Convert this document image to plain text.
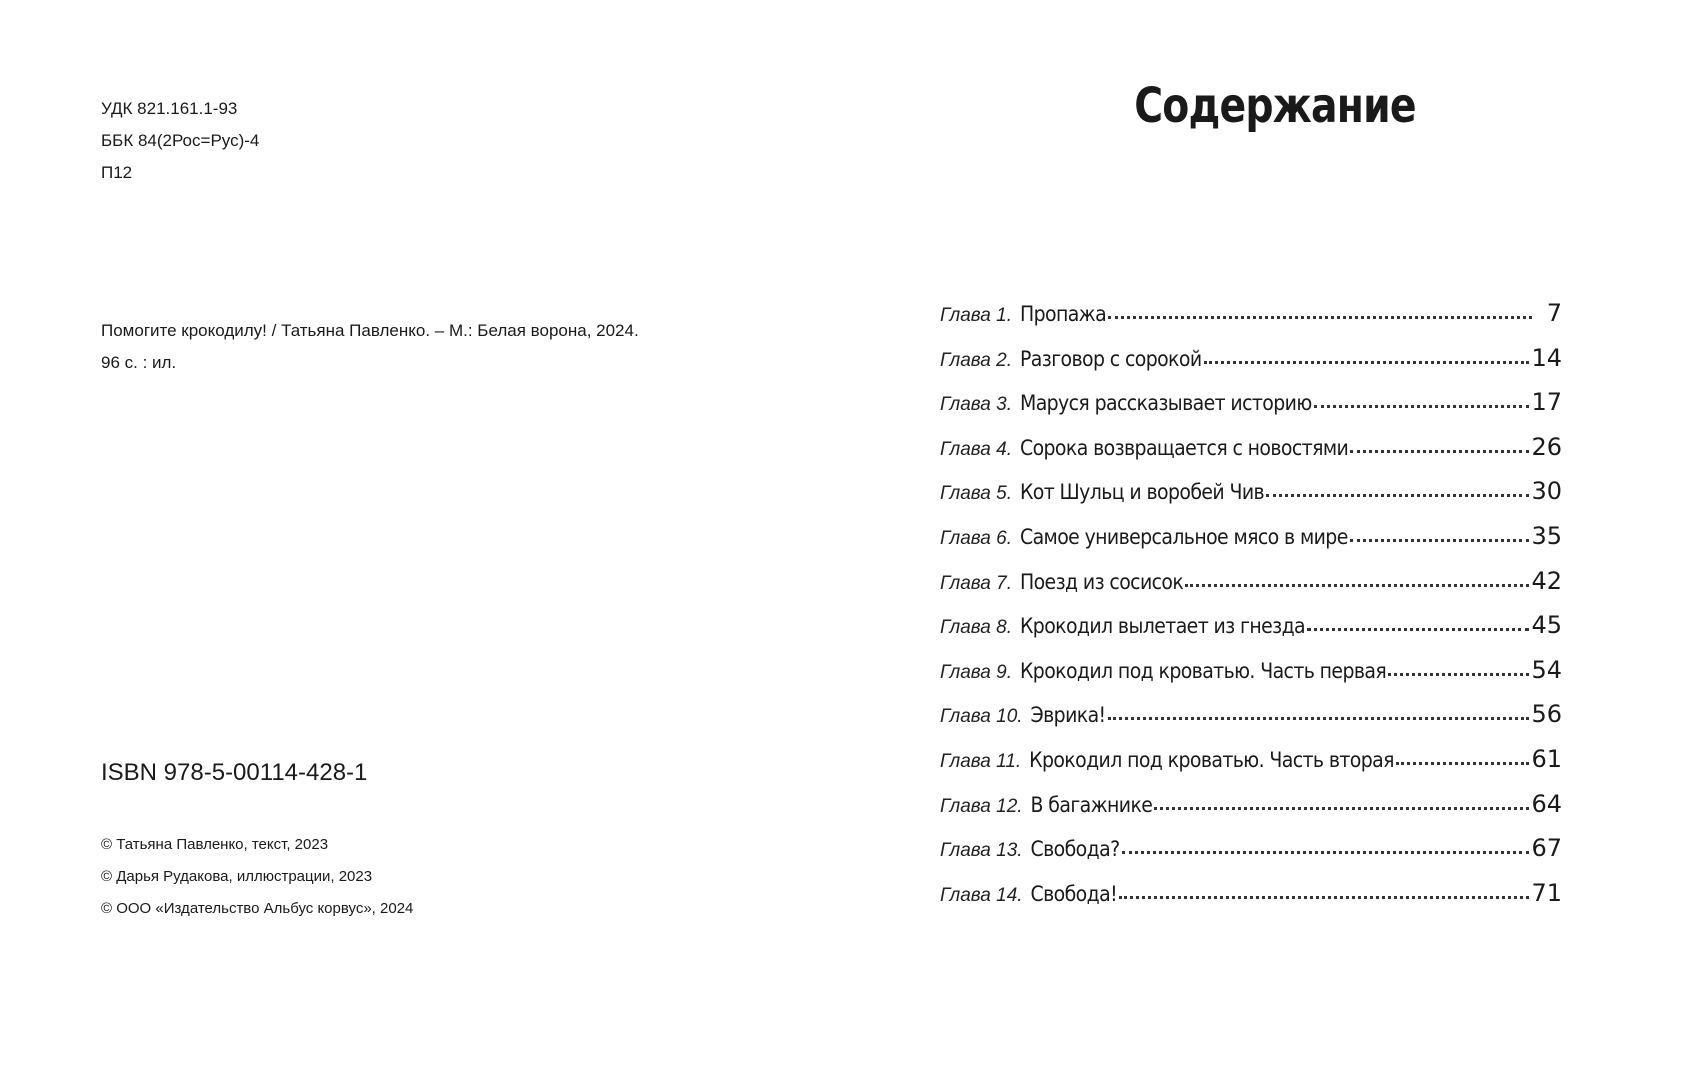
УДК 821.161.1-93
ББК 84(2Рос=Рус)-4
П12
Помогите крокодилу! / Татьяна Павленко. – М.: Белая ворона, 2024.
96 с. : ил.
ISBN 978-5-00114-428-1
© Татьяна Павленко, текст, 2023
© Дарья Рудакова, иллюстрации, 2023
© ООО «Издательство Альбус корвус», 2024
Содержание
Глава 1. Пропажа	7
Глава 2. Разговор с сорокой	14
Глава 3. Маруся рассказывает историю	17
Глава 4. Сорока возвращается с новостями	26
Глава 5. Кот Шульц и воробей Чив	30
Глава 6. Самое универсальное мясо в мире	35
Глава 7. Поезд из сосисок	42
Глава 8. Крокодил вылетает из гнезда	45
Глава 9. Крокодил под кроватью. Часть первая	54
Глава 10. Эврика!	56
Глава 11. Крокодил под кроватью. Часть вторая	61
Глава 12. В багажнике	64
Глава 13. Свобода?	67
Глава 14. Свобода!	71
